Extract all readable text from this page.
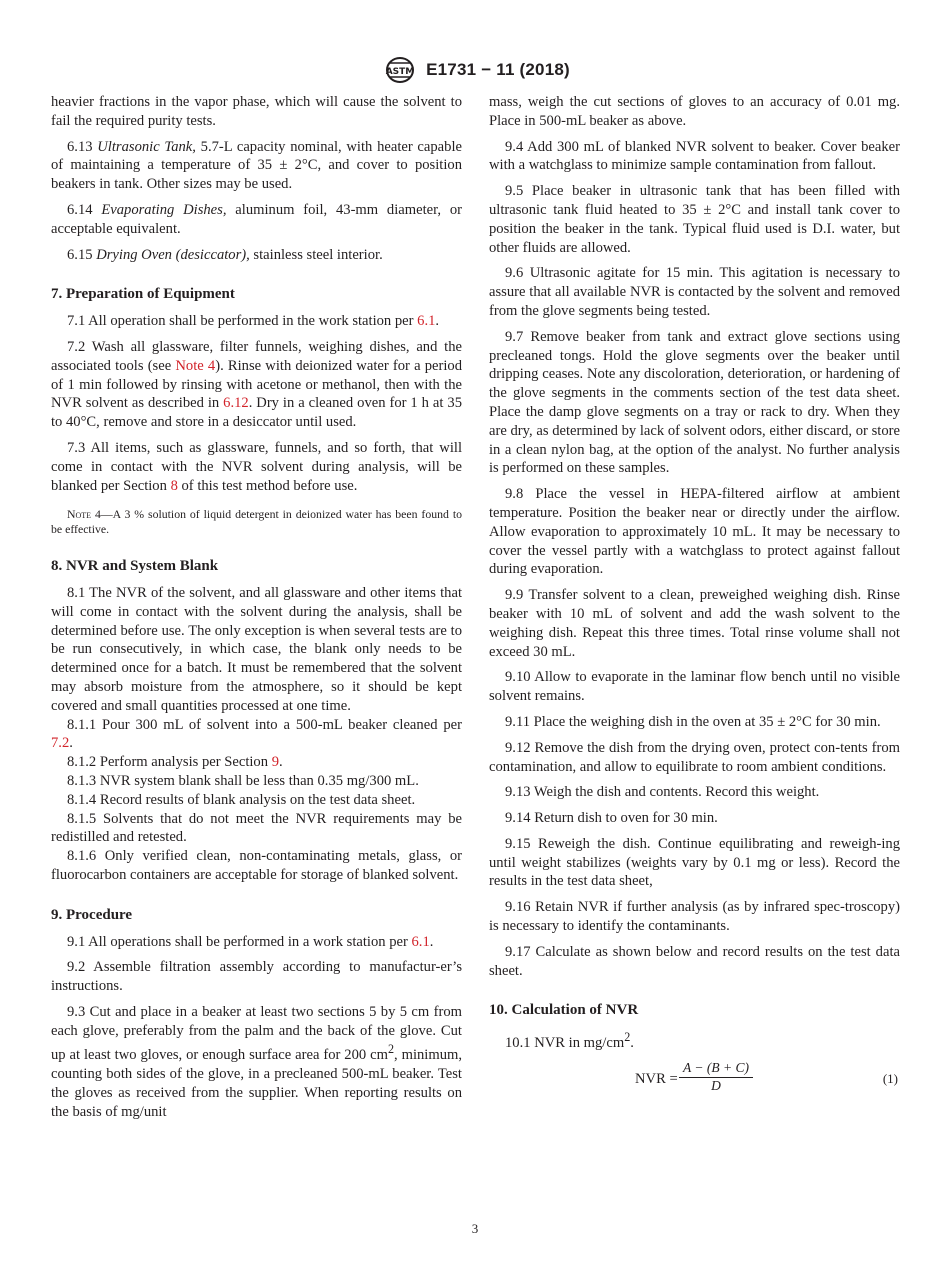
ASTM E1731 − 11 (2018)

heavier fractions in the vapor phase, which will cause the solvent to fail the required purity tests.

6.13 Ultrasonic Tank, 5.7-L capacity nominal, with heater capable of maintaining a temperature of 35 ± 2°C, and cover to position beakers in tank. Other sizes may be used.

6.14 Evaporating Dishes, aluminum foil, 43-mm diameter, or acceptable equivalent.

6.15 Drying Oven (desiccator), stainless steel interior.

7. Preparation of Equipment

7.1 All operation shall be performed in the work station per 6.1.

7.2 Wash all glassware, filter funnels, weighing dishes, and the associated tools (see Note 4). Rinse with deionized water for a period of 1 min followed by rinsing with acetone or methanol, then with the NVR solvent as described in 6.12. Dry in a cleaned oven for 1 h at 35 to 40°C, remove and store in a desiccator until used.

7.3 All items, such as glassware, funnels, and so forth, that will come in contact with the NVR solvent during analysis, will be blanked per Section 8 of this test method before use.

Note 4—A 3 % solution of liquid detergent in deionized water has been found to be effective.

8. NVR and System Blank

8.1 The NVR of the solvent, and all glassware and other items that will come in contact with the solvent during the analysis, shall be determined before use. The only exception is when several tests are to be run consecutively, in which case, the blank only needs to be determined once for a batch. It must be remembered that the solvent may absorb moisture from the atmosphere, so it should be kept covered and small quantities processed at one time.

8.1.1 Pour 300 mL of solvent into a 500-mL beaker cleaned per 7.2.

8.1.2 Perform analysis per Section 9.

8.1.3 NVR system blank shall be less than 0.35 mg/300 mL.

8.1.4 Record results of blank analysis on the test data sheet.

8.1.5 Solvents that do not meet the NVR requirements may be redistilled and retested.

8.1.6 Only verified clean, non-contaminating metals, glass, or fluorocarbon containers are acceptable for storage of blanked solvent.

9. Procedure

9.1 All operations shall be performed in a work station per 6.1.

9.2 Assemble filtration assembly according to manufactur-er’s instructions.

9.3 Cut and place in a beaker at least two sections 5 by 5 cm from each glove, preferably from the palm and the back of the glove. Cut up at least two gloves, or enough surface area for 200 $cm^2$, minimum, counting both sides of the glove, in a precleaned 500-mL beaker. Test the gloves as received from the supplier. When reporting results on the basis of mg/unit

mass, weigh the cut sections of gloves to an accuracy of 0.01 mg. Place in 500-mL beaker as above.

9.4 Add 300 mL of blanked NVR solvent to beaker. Cover beaker with a watchglass to minimize sample contamination from fallout.

9.5 Place beaker in ultrasonic tank that has been filled with ultrasonic tank fluid heated to 35 ± 2°C and install tank cover to position the beaker in the tank. Typical fluid used is D.I. water, but other fluids are allowed.

9.6 Ultrasonic agitate for 15 min. This agitation is necessary to assure that all available NVR is contacted by the solvent and removed from the glove segments being tested.

9.7 Remove beaker from tank and extract glove sections using precleaned tongs. Hold the glove segments over the beaker until dripping ceases. Note any discoloration, deterioration, or hardening of the glove segments in the comments section of the test data sheet. Place the damp glove segments on a tray or rack to dry. When they are dry, as determined by lack of solvent odors, either discard, or store in a clean nylon bag, at the option of the analyst. No further analysis is performed on these samples.

9.8 Place the vessel in HEPA-filtered airflow at ambient temperature. Position the beaker near or directly under the airflow. Allow evaporation to approximately 10 mL. It may be necessary to cover the vessel partly with a watchglass to protect against fallout during evaporation.

9.9 Transfer solvent to a clean, preweighed weighing dish. Rinse beaker with 10 mL of solvent and add the wash solvent to the weighing dish. Repeat this three times. Total rinse volume shall not exceed 30 mL.

9.10 Allow to evaporate in the laminar flow bench until no visible solvent remains.

9.11 Place the weighing dish in the oven at 35 ± 2°C for 30 min.

9.12 Remove the dish from the drying oven, protect con-tents from contamination, and allow to equilibrate to room ambient conditions.

9.13 Weigh the dish and contents. Record this weight.

9.14 Return dish to oven for 30 min.

9.15 Reweigh the dish. Continue equilibrating and reweigh-ing until weight stabilizes (weights vary by 0.1 mg or less). Record the results in the test data sheet,

9.16 Retain NVR if further analysis (as by infrared spec-troscopy) is necessary to identify the contaminants.

9.17 Calculate as shown below and record results on the test data sheet.

10. Calculation of NVR

10.1 NVR in $mg/cm^2$.

NVR = $\frac{A - (B + C)}{D}$	(1)
3
